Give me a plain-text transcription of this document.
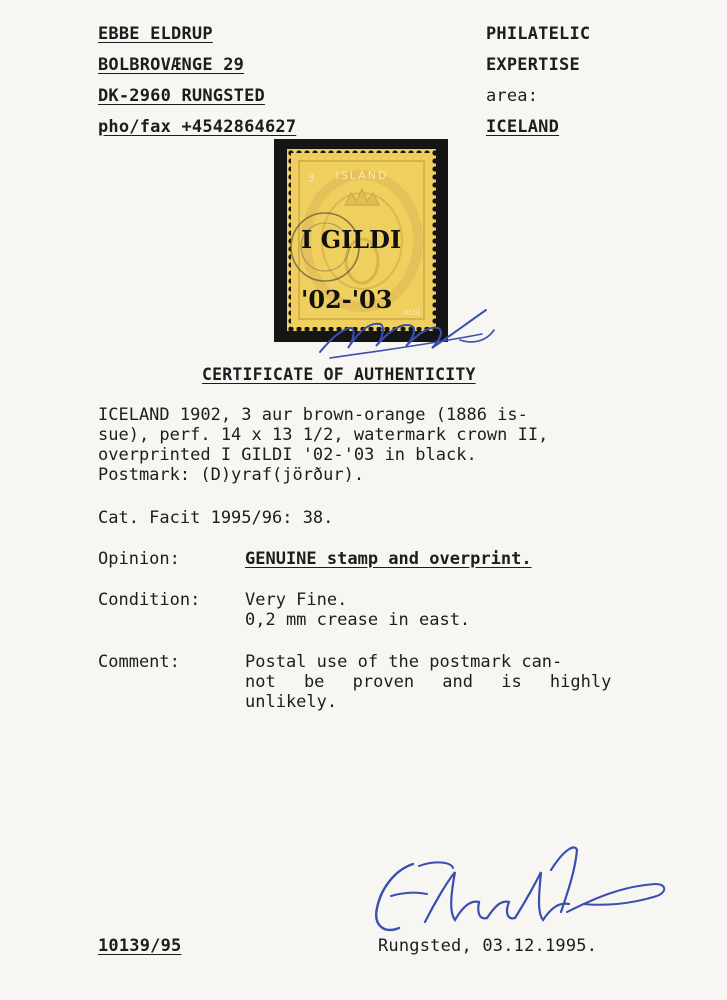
EBBE ELDRUP
BOLBROVÆNGE 29
DK-2960 RUNGSTED
pho/fax +4542864627
PHILATELIC
EXPERTISE
area:
ICELAND
ISLAND
AUR
3
I GILDI
'02-'03
CERTIFICATE OF AUTHENTICITY
ICELAND 1902, 3 aur brown-orange (1886 is-
sue), perf. 14 x 13 1/2, watermark crown II,
overprinted I GILDI '02-'03 in black.
Postmark: (D)yraf(jörður).
Cat. Facit 1995/96: 38.
Opinion:	GENUINE stamp and overprint.
Condition:	Very Fine.
0,2 mm crease in east.
Comment:	Postal use of the postmark can-
not be proven and is highly
unlikely.
10139/95	Rungsted, 03.12.1995.
